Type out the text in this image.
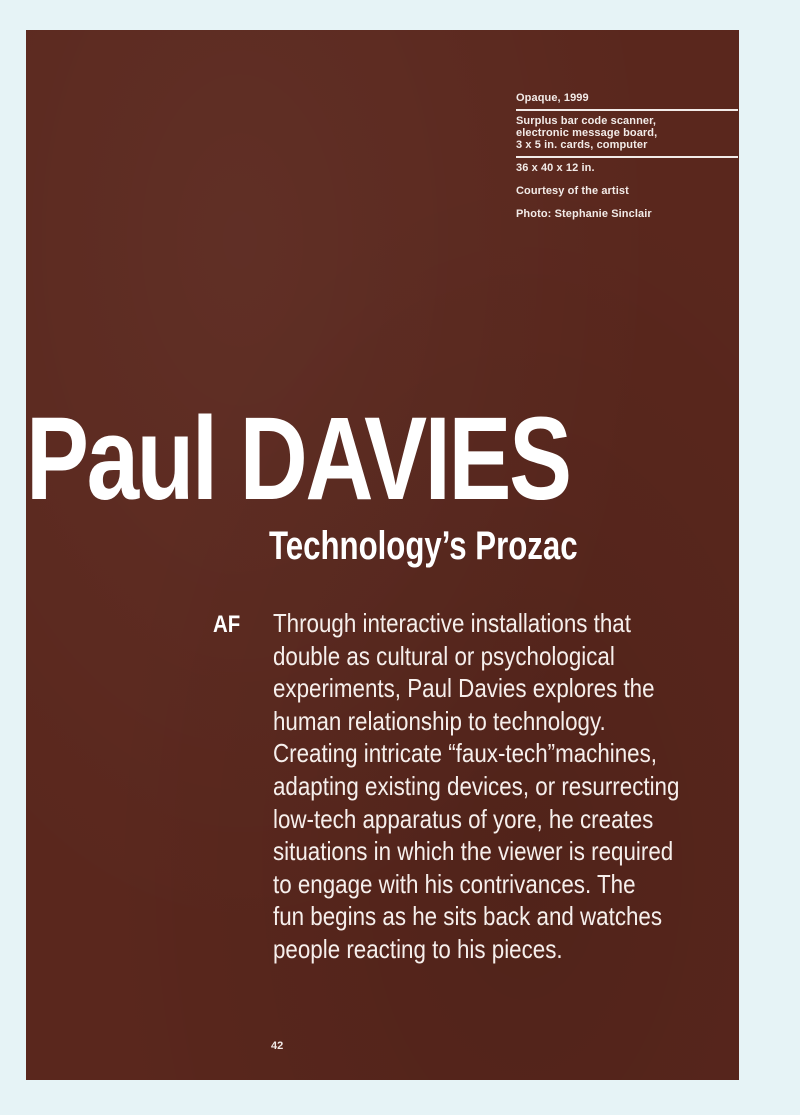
Opaque, 1999
Surplus bar code scanner,
electronic message board,
3 x 5 in. cards, computer
36 x 40 x 12 in.
Courtesy of the artist
Photo: Stephanie Sinclair
Paul DAVIES
Technology’s Prozac
AF Through interactive installations that
double as cultural or psychological
experiments, Paul Davies explores the
human relationship to technology.
Creating intricate “faux-tech”machines,
adapting existing devices, or resurrecting
low-tech apparatus of yore, he creates
situations in which the viewer is required
to engage with his contrivances. The
fun begins as he sits back and watches
people reacting to his pieces.
42
